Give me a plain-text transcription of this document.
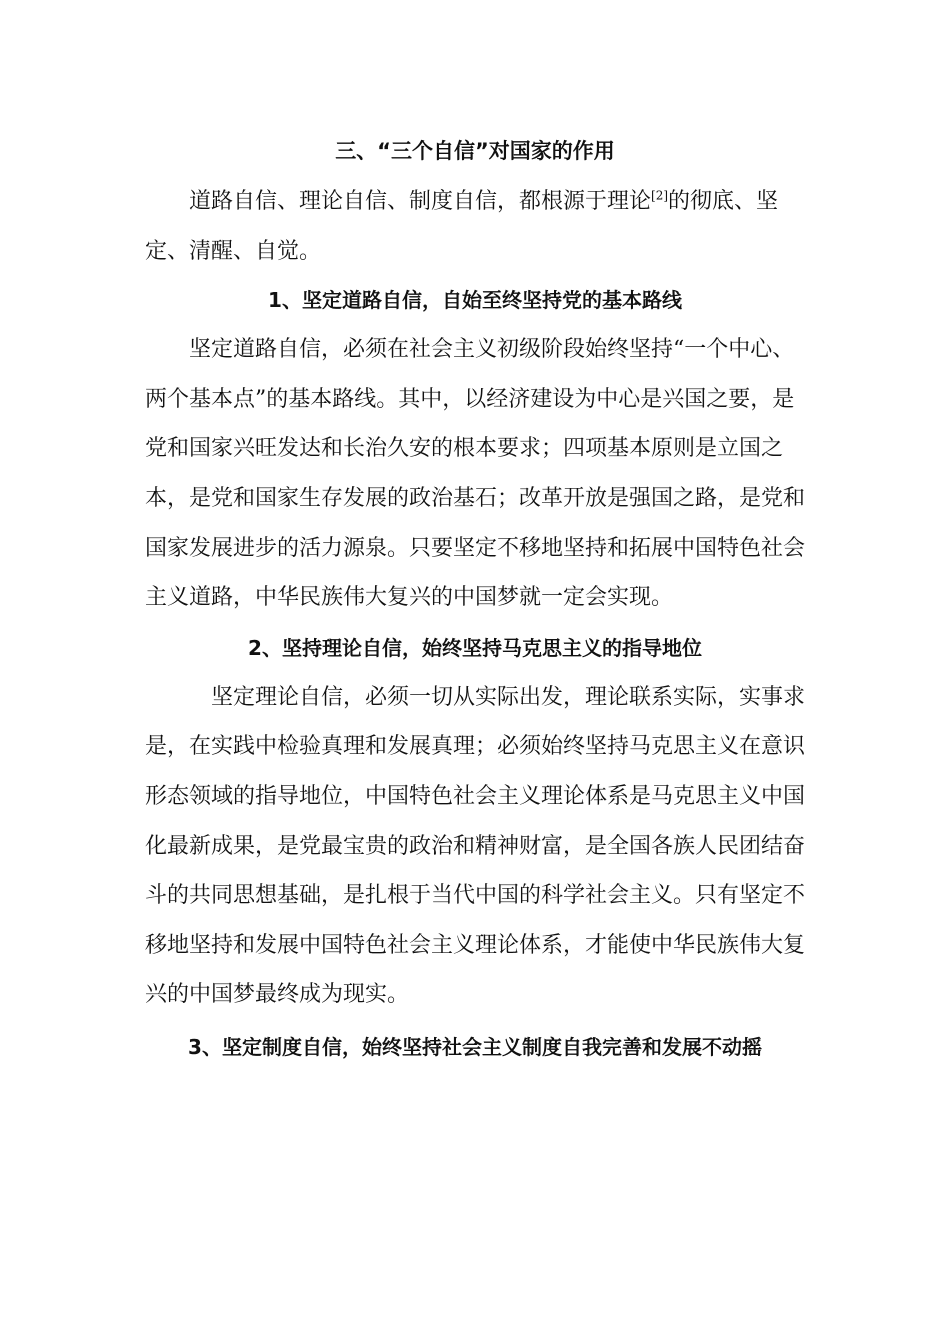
三、“三个自信”对国家的作用

道路自信、理论自信、制度自信，都根源于理论[2]的彻底、坚定、清醒、自觉。

1、坚定道路自信，自始至终坚持党的基本路线

坚定道路自信，必须在社会主义初级阶段始终坚持“一个中心、两个基本点”的基本路线。其中，以经济建设为中心是兴国之要，是党和国家兴旺发达和长治久安的根本要求；四项基本原则是立国之本，是党和国家生存发展的政治基石；改革开放是强国之路，是党和国家发展进步的活力源泉。只要坚定不移地坚持和拓展中国特色社会主义道路，中华民族伟大复兴的中国梦就一定会实现。

2、坚持理论自信，始终坚持马克思主义的指导地位

坚定理论自信，必须一切从实际出发，理论联系实际，实事求是，在实践中检验真理和发展真理；必须始终坚持马克思主义在意识形态领域的指导地位，中国特色社会主义理论体系是马克思主义中国化最新成果，是党最宝贵的政治和精神财富，是全国各族人民团结奋斗的共同思想基础，是扎根于当代中国的科学社会主义。只有坚定不移地坚持和发展中国特色社会主义理论体系，才能使中华民族伟大复兴的中国梦最终成为现实。

3、坚定制度自信，始终坚持社会主义制度自我完善和发展不动摇
